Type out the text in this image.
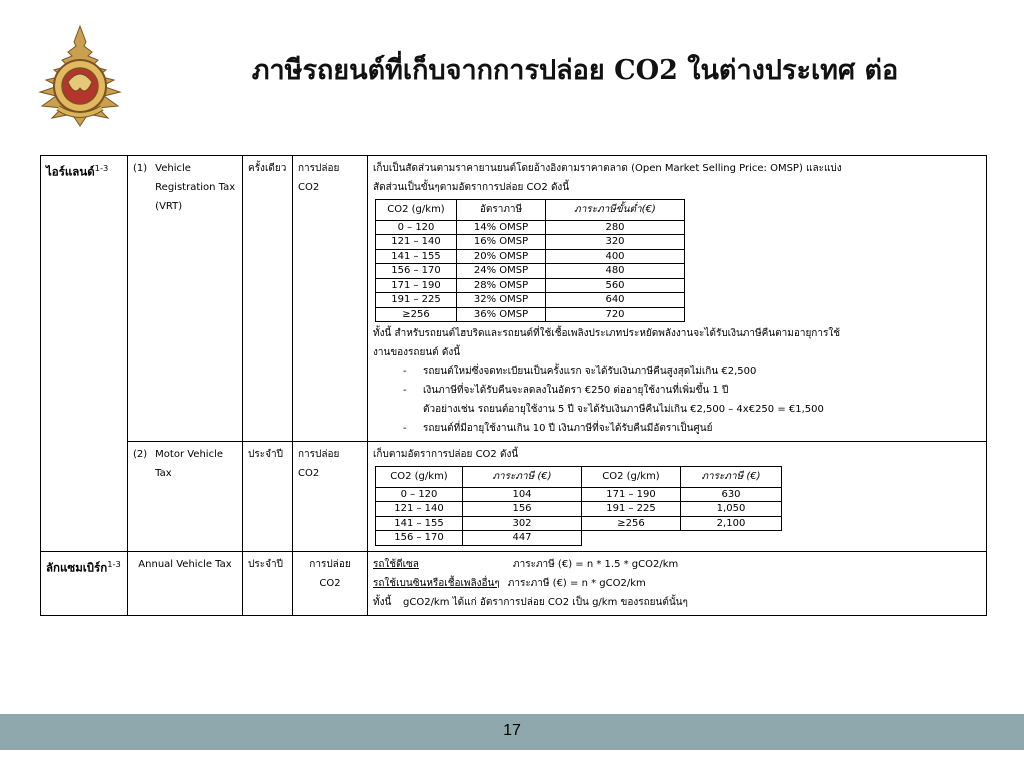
ภาษีรถยนต์ที่เก็บจากการปล่อย CO2 ในต่างประเทศ ต่อ
ไอร์แลนด์$^{1-3}$	(1) Vehicle
Registration Tax
(VRT)
	ครั้งเดียว	การปล่อย CO2	
เก็บเป็นสัดส่วนตามราคายานยนต์โดยอ้างอิงตามราคาตลาด (Open Market Selling Price: OMSP) และแบ่ง
สัดส่วนเป็นขั้นๆตามอัตราการปล่อย CO2 ดังนี้
CO2 (g/km)	อัตราภาษี	ภาระภาษีขั้นต่ำ(€)
0 – 120	14% OMSP	280
121 – 140	16% OMSP	320
141 – 155	20% OMSP	400
156 – 170	24% OMSP	480
171 – 190	28% OMSP	560
191 – 225	32% OMSP	640
≥256	36% OMSP	720
ทั้งนี้ สำหรับรถยนต์ไฮบริดและรถยนต์ที่ใช้เชื้อเพลิงประเภทประหยัดพลังงานจะได้รับเงินภาษีคืนตามอายุการใช้
งานของรถยนต์ ดังนี้
- รถยนต์ใหม่ซึ่งจดทะเบียนเป็นครั้งแรก จะได้รับเงินภาษีคืนสูงสุดไม่เกิน €2,500
- เงินภาษีที่จะได้รับคืนจะลดลงในอัตรา €250 ต่ออายุใช้งานที่เพิ่มขึ้น 1 ปี
ตัวอย่างเช่น รถยนต์อายุใช้งาน 5 ปี จะได้รับเงินภาษีคืนไม่เกิน €2,500 – 4x€250 = €1,500
- รถยนต์ที่มีอายุใช้งานเกิน 10 ปี เงินภาษีที่จะได้รับคืนมีอัตราเป็นศูนย์

(2) Motor Vehicle
Tax
	ประจำปี	การปล่อย CO2	
เก็บตามอัตราการปล่อย CO2 ดังนี้
CO2 (g/km)	ภาระภาษี (€)	CO2 (g/km)	ภาระภาษี (€)
0 – 120	104	171 – 190	630
121 – 140	156	191 – 225	1,050
141 – 155	302	≥256	2,100
156 – 170	447		

ลักแซมเบิร์ก$^{1-3}$	Annual Vehicle Tax	ประจำปี	การปล่อย CO2	
รถใช้ดีเซล	ภาระภาษี (€) = n * 1.5 * gCO2/km
รถใช้เบนซินหรือเชื้อเพลิงอื่นๆ ภาระภาษี (€) = n * gCO2/km
ทั้งนี้ gCO2/km ได้แก่ อัตราการปล่อย CO2 เป็น g/km ของรถยนต์นั้นๆ
17
